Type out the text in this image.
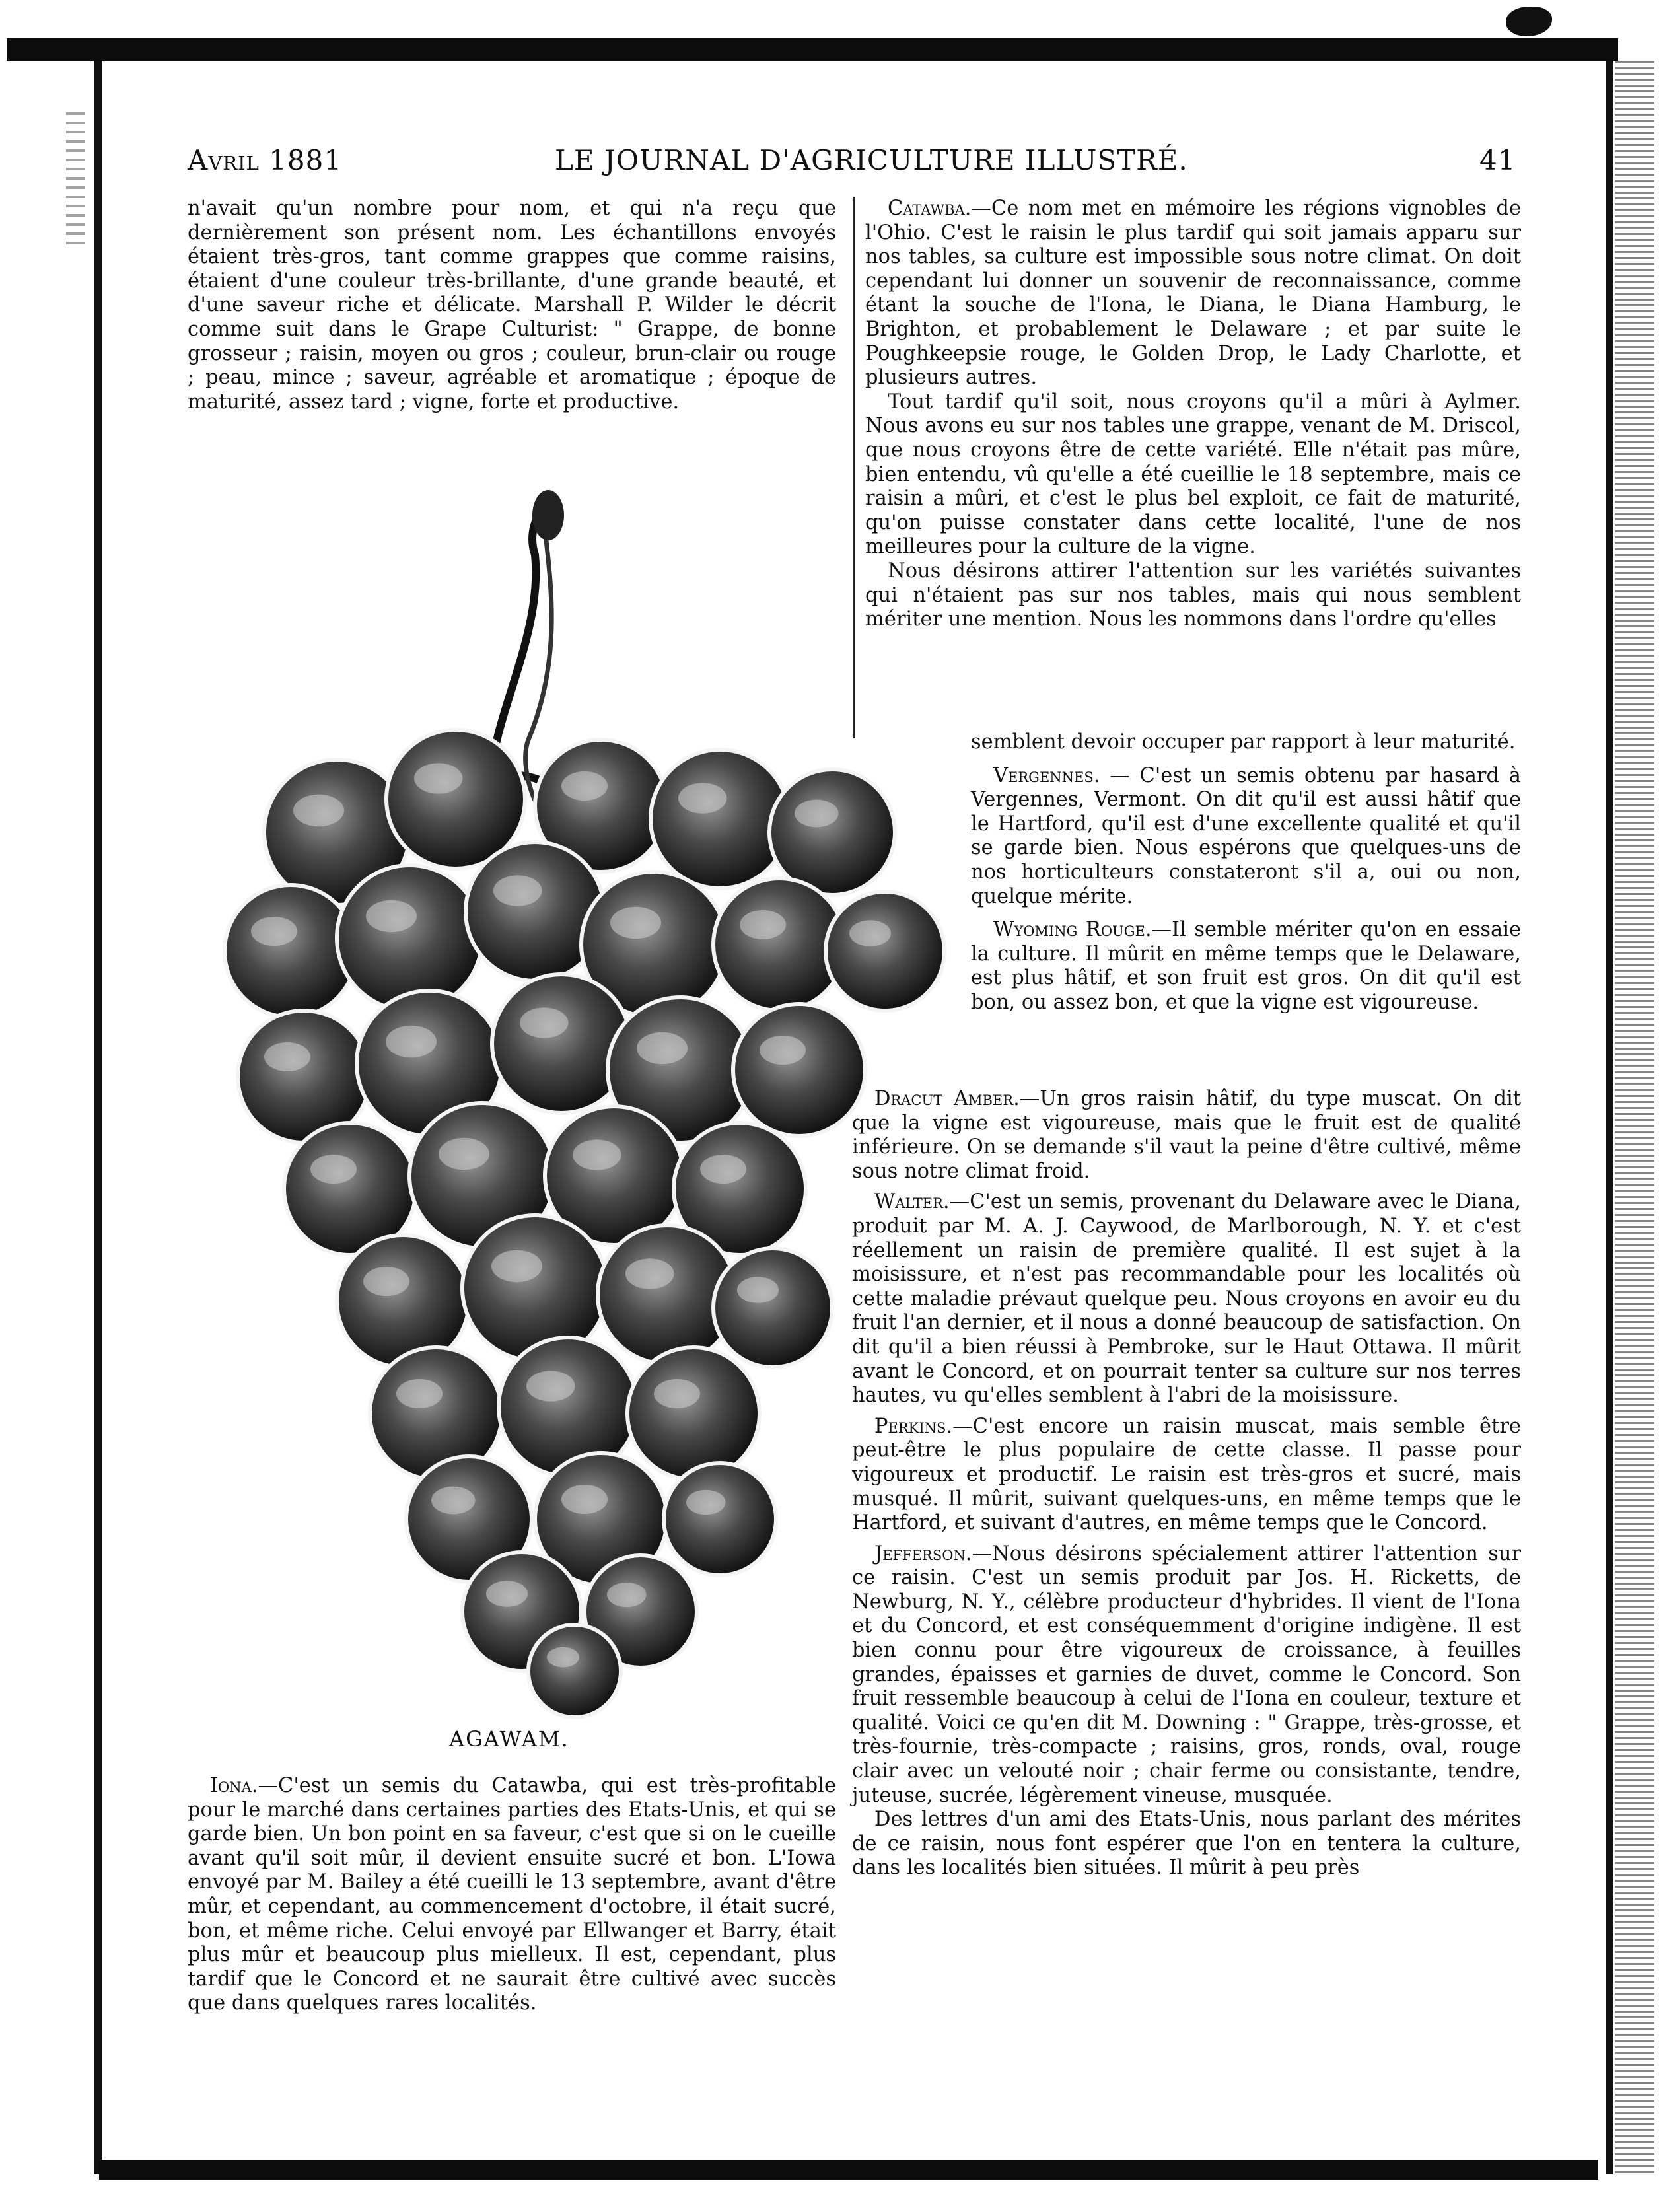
Avril 1881	LE JOURNAL D'AGRICULTURE ILLUSTRÉ.	41

n'avait qu'un nombre pour nom, et qui n'a reçu que dernièrement son présent nom. Les échantillons envoyés étaient très-gros, tant comme grappes que comme raisins, étaient d'une couleur très-brillante, d'une grande beauté, et d'une saveur riche et délicate. Marshall P. Wilder le décrit comme suit dans le Grape Culturist: " Grappe, de bonne grosseur ; raisin, moyen ou gros ; couleur, brun-clair ou rouge ; peau, mince ; saveur, agréable et aromatique ; époque de maturité, assez tard ; vigne, forte et productive.

AGAWAM.

Iona.—C'est un semis du Catawba, qui est très-profitable pour le marché dans certaines parties des Etats-Unis, et qui se garde bien. Un bon point en sa faveur, c'est que si on le cueille avant qu'il soit mûr, il devient ensuite sucré et bon. L'Iowa envoyé par M. Bailey a été cueilli le 13 septembre, avant d'être mûr, et cependant, au commencement d'octobre, il était sucré, bon, et même riche. Celui envoyé par Ellwanger et Barry, était plus mûr et beaucoup plus mielleux. Il est, cependant, plus tardif que le Concord et ne saurait être cultivé avec succès que dans quelques rares localités.

Catawba.—Ce nom met en mémoire les régions vignobles de l'Ohio. C'est le raisin le plus tardif qui soit jamais apparu sur nos tables, sa culture est impossible sous notre climat. On doit cependant lui donner un souvenir de reconnaissance, comme étant la souche de l'Iona, le Diana, le Diana Hamburg, le Brighton, et probablement le Delaware ; et par suite le Poughkeepsie rouge, le Golden Drop, le Lady Charlotte, et plusieurs autres.

Tout tardif qu'il soit, nous croyons qu'il a mûri à Aylmer. Nous avons eu sur nos tables une grappe, venant de M. Driscol, que nous croyons être de cette variété. Elle n'était pas mûre, bien entendu, vû qu'elle a été cueillie le 18 septembre, mais ce raisin a mûri, et c'est le plus bel exploit, ce fait de maturité, qu'on puisse constater dans cette localité, l'une de nos meilleures pour la culture de la vigne.

Nous désirons attirer l'attention sur les variétés suivantes qui n'étaient pas sur nos tables, mais qui nous semblent mériter une mention. Nous les nommons dans l'ordre qu'elles

semblent devoir occuper par rapport à leur maturité.

Vergennes. — C'est un semis obtenu par hasard à Vergennes, Vermont. On dit qu'il est aussi hâtif que le Hartford, qu'il est d'une excellente qualité et qu'il se garde bien. Nous espérons que quelques-uns de nos horticulteurs constateront s'il a, oui ou non, quelque mérite.

Wyoming Rouge.—Il semble mériter qu'on en essaie la culture. Il mûrit en même temps que le Delaware, est plus hâtif, et son fruit est gros. On dit qu'il est bon, ou assez bon, et que la vigne est vigoureuse.

Dracut Amber.—Un gros raisin hâtif, du type muscat. On dit que la vigne est vigoureuse, mais que le fruit est de qualité inférieure. On se demande s'il vaut la peine d'être cultivé, même sous notre climat froid.

Walter.—C'est un semis, provenant du Delaware avec le Diana, produit par M. A. J. Caywood, de Marlborough, N. Y. et c'est réellement un raisin de première qualité. Il est sujet à la moisissure, et n'est pas recommandable pour les localités où cette maladie prévaut quelque peu. Nous croyons en avoir eu du fruit l'an dernier, et il nous a donné beaucoup de satisfaction. On dit qu'il a bien réussi à Pembroke, sur le Haut Ottawa. Il mûrit avant le Concord, et on pourrait tenter sa culture sur nos terres hautes, vu qu'elles semblent à l'abri de la moisissure.

Perkins.—C'est encore un raisin muscat, mais semble être peut-être le plus populaire de cette classe. Il passe pour vigoureux et productif. Le raisin est très-gros et sucré, mais musqué. Il mûrit, suivant quelques-uns, en même temps que le Hartford, et suivant d'autres, en même temps que le Concord.

Jefferson.—Nous désirons spécialement attirer l'attention sur ce raisin. C'est un semis produit par Jos. H. Ricketts, de Newburg, N. Y., célèbre producteur d'hybrides. Il vient de l'Iona et du Concord, et est conséquemment d'origine indigène. Il est bien connu pour être vigoureux de croissance, à feuilles grandes, épaisses et garnies de duvet, comme le Concord. Son fruit ressemble beaucoup à celui de l'Iona en couleur, texture et qualité. Voici ce qu'en dit M. Downing : " Grappe, très-grosse, et très-fournie, très-compacte ; raisins, gros, ronds, oval, rouge clair avec un velouté noir ; chair ferme ou consistante, tendre, juteuse, sucrée, légèrement vineuse, musquée.

Des lettres d'un ami des Etats-Unis, nous parlant des mérites de ce raisin, nous font espérer que l'on en tentera la culture, dans les localités bien situées. Il mûrit à peu près
